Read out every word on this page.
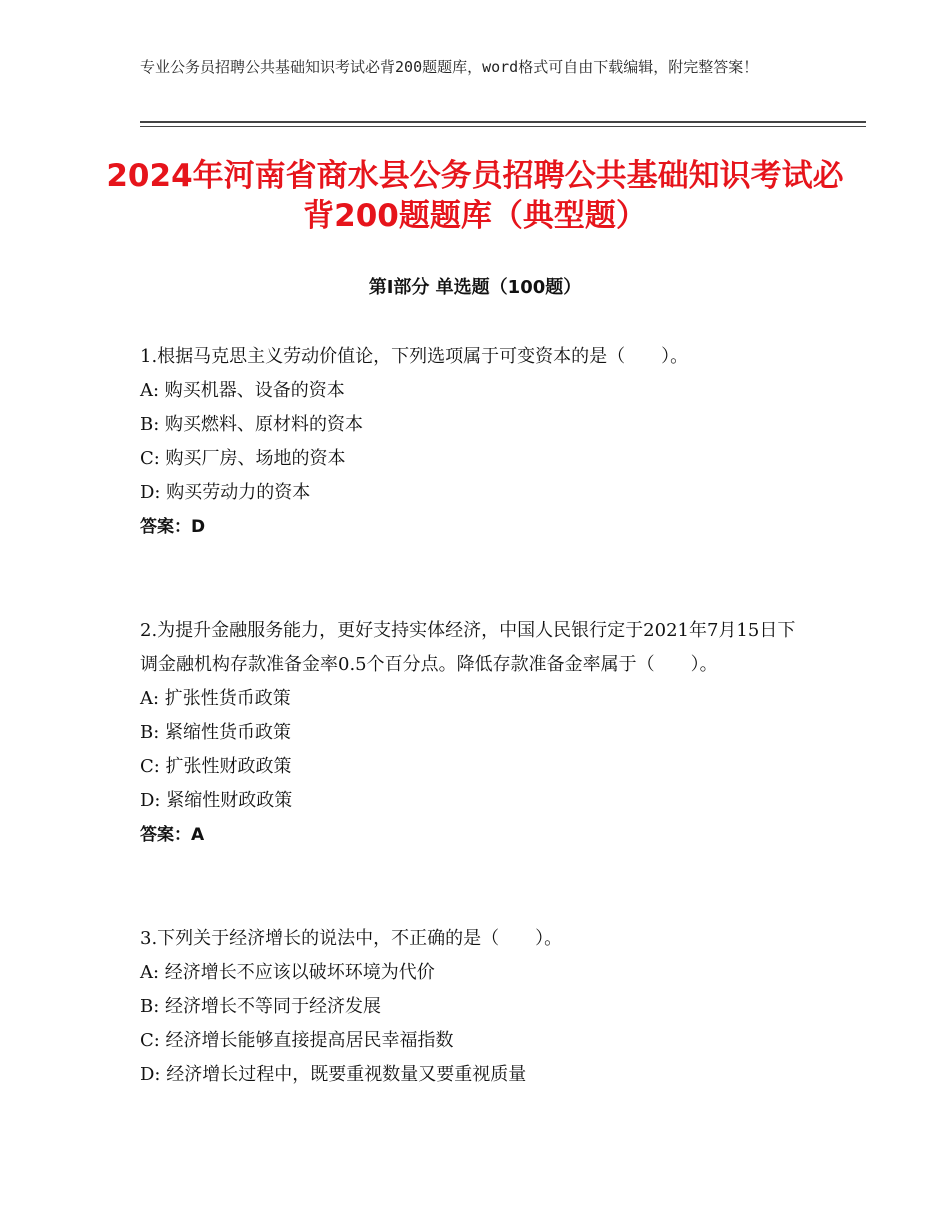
专业公务员招聘公共基础知识考试必背200题题库，word格式可自由下载编辑，附完整答案！
2024年河南省商水县公务员招聘公共基础知识考试必背200题题库（典型题）
第Ⅰ部分 单选题（100题）

1.根据马克思主义劳动价值论，下列选项属于可变资本的是（　　）。

A: 购买机器、设备的资本

B: 购买燃料、原材料的资本

C: 购买厂房、场地的资本

D: 购买劳动力的资本

答案：D

2.为提升金融服务能力，更好支持实体经济，中国人民银行定于2021年7月15日下调金融机构存款准备金率0.5个百分点。降低存款准备金率属于（　　）。

A: 扩张性货币政策

B: 紧缩性货币政策

C: 扩张性财政政策

D: 紧缩性财政政策

答案：A

3.下列关于经济增长的说法中，不正确的是（　　）。

A: 经济增长不应该以破坏环境为代价

B: 经济增长不等同于经济发展

C: 经济增长能够直接提高居民幸福指数

D: 经济增长过程中，既要重视数量又要重视质量
